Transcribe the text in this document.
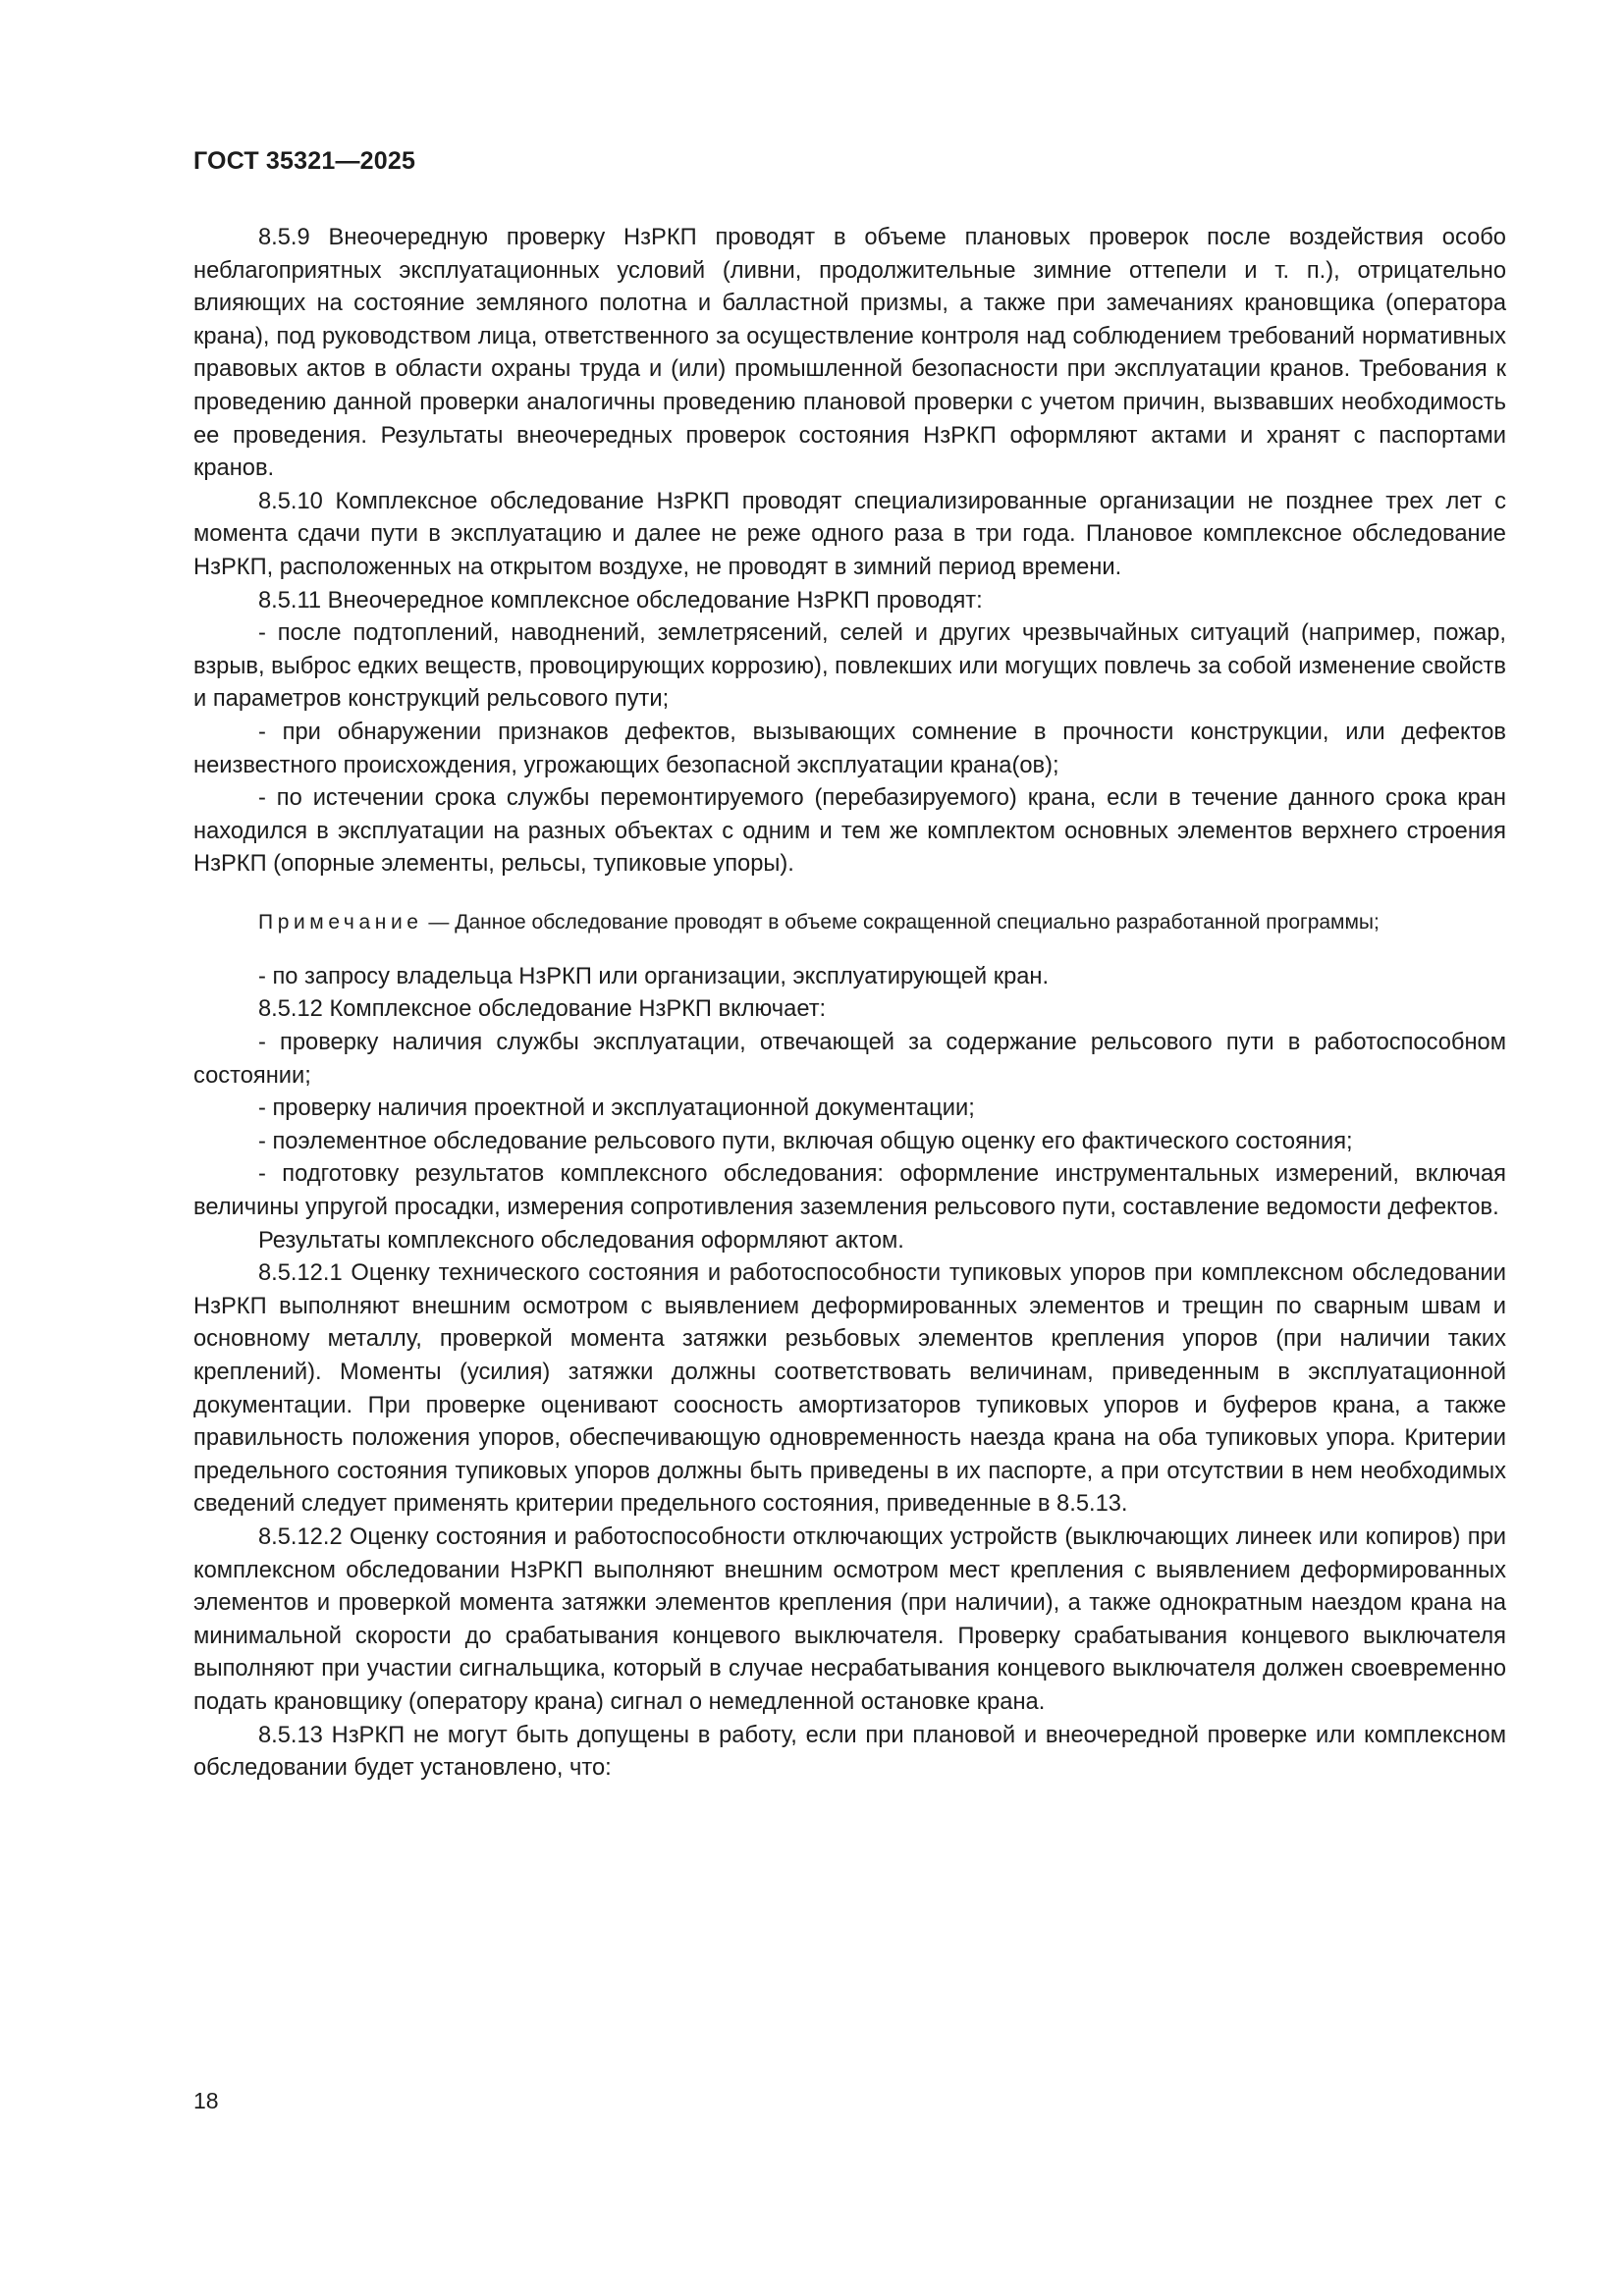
ГОСТ 35321—2025

8.5.9 Внеочередную проверку НзРКП проводят в объеме плановых проверок после воздействия особо неблагоприятных эксплуатационных условий (ливни, продолжительные зимние оттепели и т. п.), отрицательно влияющих на состояние земляного полотна и балластной призмы, а также при замечаниях крановщика (оператора крана), под руководством лица, ответственного за осуществление контроля над соблюдением требований нормативных правовых актов в области охраны труда и (или) промышленной безопасности при эксплуатации кранов. Требования к проведению данной проверки аналогичны проведению плановой проверки с учетом причин, вызвавших необходимость ее проведения. Результаты внеочередных проверок состояния НзРКП оформляют актами и хранят с паспортами кранов.

8.5.10 Комплексное обследование НзРКП проводят специализированные организации не позднее трех лет с момента сдачи пути в эксплуатацию и далее не реже одного раза в три года. Плановое комплексное обследование НзРКП, расположенных на открытом воздухе, не проводят в зимний период времени.

8.5.11 Внеочередное комплексное обследование НзРКП проводят:

- после подтоплений, наводнений, землетрясений, селей и других чрезвычайных ситуаций (например, пожар, взрыв, выброс едких веществ, провоцирующих коррозию), повлекших или могущих повлечь за собой изменение свойств и параметров конструкций рельсового пути;

- при обнаружении признаков дефектов, вызывающих сомнение в прочности конструкции, или дефектов неизвестного происхождения, угрожающих безопасной эксплуатации крана(ов);

- по истечении срока службы перемонтируемого (перебазируемого) крана, если в течение данного срока кран находился в эксплуатации на разных объектах с одним и тем же комплектом основных элементов верхнего строения НзРКП (опорные элементы, рельсы, тупиковые упоры).

Примечание — Данное обследование проводят в объеме сокращенной специально разработанной программы;

- по запросу владельца НзРКП или организации, эксплуатирующей кран.

8.5.12 Комплексное обследование НзРКП включает:

- проверку наличия службы эксплуатации, отвечающей за содержание рельсового пути в работоспособном состоянии;

- проверку наличия проектной и эксплуатационной документации;

- поэлементное обследование рельсового пути, включая общую оценку его фактического состояния;

- подготовку результатов комплексного обследования: оформление инструментальных измерений, включая величины упругой просадки, измерения сопротивления заземления рельсового пути, составление ведомости дефектов.

Результаты комплексного обследования оформляют актом.

8.5.12.1 Оценку технического состояния и работоспособности тупиковых упоров при комплексном обследовании НзРКП выполняют внешним осмотром с выявлением деформированных элементов и трещин по сварным швам и основному металлу, проверкой момента затяжки резьбовых элементов крепления упоров (при наличии таких креплений). Моменты (усилия) затяжки должны соответствовать величинам, приведенным в эксплуатационной документации. При проверке оценивают соосность амортизаторов тупиковых упоров и буферов крана, а также правильность положения упоров, обеспечивающую одновременность наезда крана на оба тупиковых упора. Критерии предельного состояния тупиковых упоров должны быть приведены в их паспорте, а при отсутствии в нем необходимых сведений следует применять критерии предельного состояния, приведенные в 8.5.13.

8.5.12.2 Оценку состояния и работоспособности отключающих устройств (выключающих линеек или копиров) при комплексном обследовании НзРКП выполняют внешним осмотром мест крепления с выявлением деформированных элементов и проверкой момента затяжки элементов крепления (при наличии), а также однократным наездом крана на минимальной скорости до срабатывания концевого выключателя. Проверку срабатывания концевого выключателя выполняют при участии сигнальщика, который в случае несрабатывания концевого выключателя должен своевременно подать крановщику (оператору крана) сигнал о немедленной остановке крана.

8.5.13 НзРКП не могут быть допущены в работу, если при плановой и внеочередной проверке или комплексном обследовании будет установлено, что:

18
